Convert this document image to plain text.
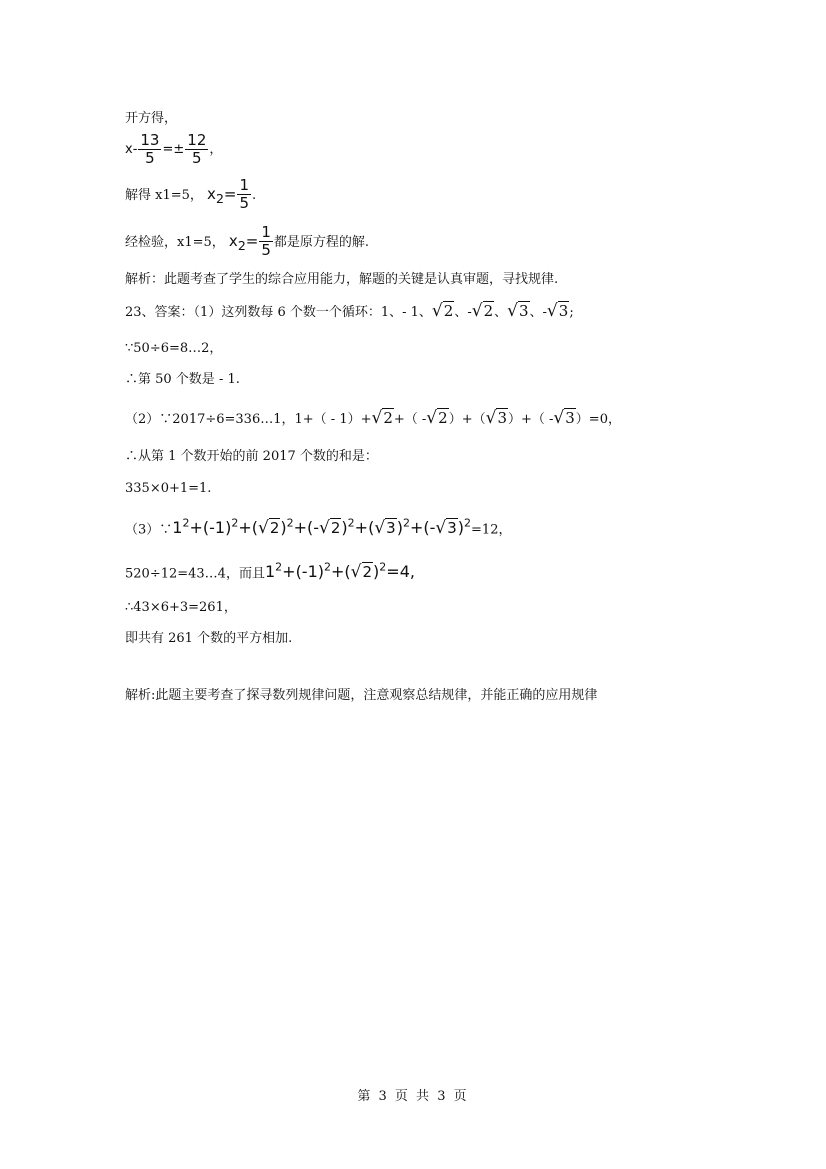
开方得，
$x- \frac{13}{5} =\pm \frac{12}{5}$ ，
解得 x1=5， $x_2= \frac{1}{5}$ .
经检验，x1=5， $x_2= \frac{1}{5}$ 都是原方程的解.
解析：此题考查了学生的综合应用能力，解题的关键是认真审题，寻找规律.
23、答案：（1）这列数每 6 个数一个循环：1、- 1、√2、-√2、√3、-√3;
∵50÷6=8…2，
∴第 50 个数是 - 1.
（2）∵2017÷6=336…1，1+（ - 1）+√2+（ -√2）+（√3）+（ -√3）=0，
∴从第 1 个数开始的前 2017 个数的和是：
335×0+1=1.
$(3)\because 1^2+(-1)^2+(√2)^2+(-√2)^2+(√3)^2+(-√3)^2=12$，
520÷12=43…4，而且$1^2+(-1)^2+(√2)^2=4$,
∴43×6+3=261，
即共有 261 个数的平方相加.
解析:此题主要考查了探寻数列规律问题，注意观察总结规律，并能正确的应用规律
第 3 页 共 3 页
